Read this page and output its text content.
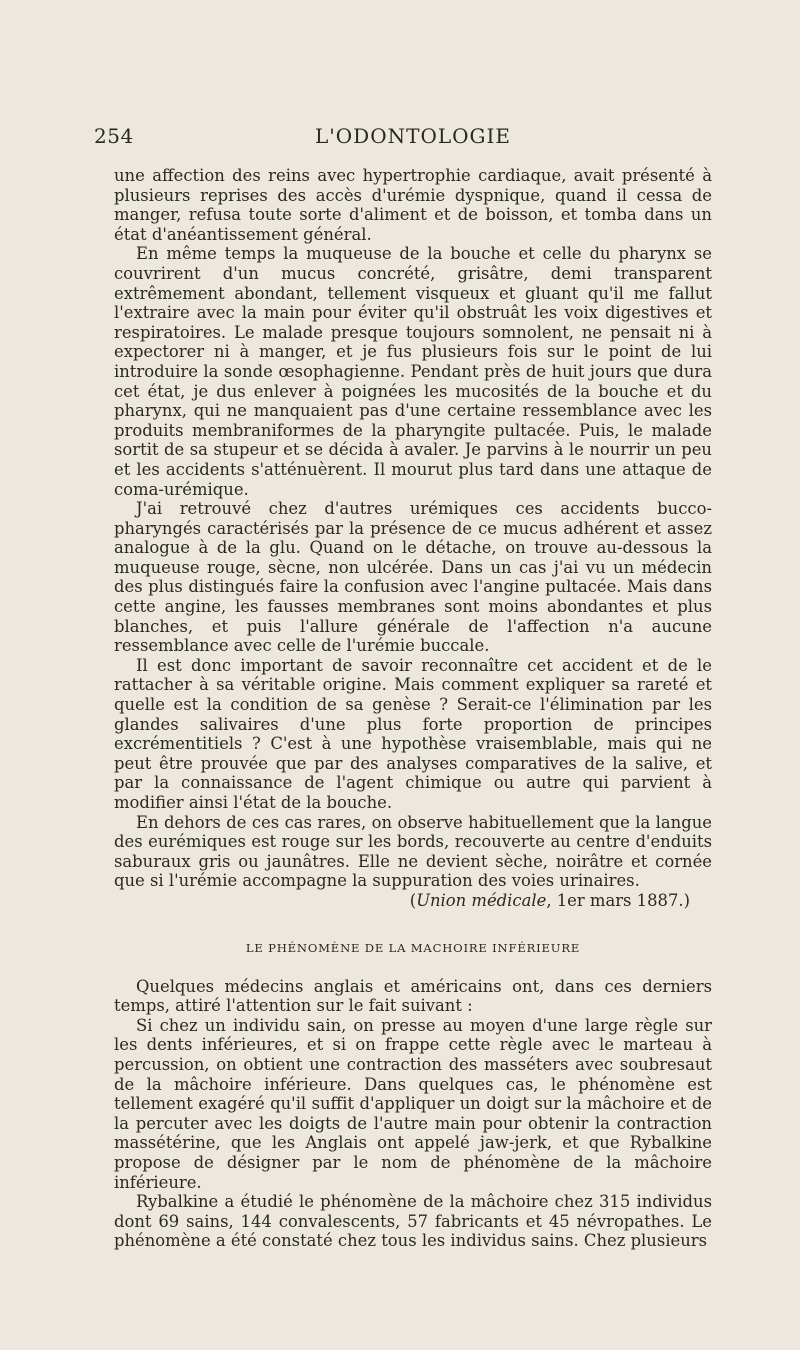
254	L'ODONTOLOGIE

une affection des reins avec hypertrophie cardiaque, avait présenté à plusieurs reprises des accès d'urémie dyspnique, quand il cessa de manger, refusa toute sorte d'aliment et de boisson, et tomba dans un état d'anéantissement général.

En même temps la muqueuse de la bouche et celle du pharynx se couvrirent d'un mucus concrété, grisâtre, demi transparent extrêmement abondant, tellement visqueux et gluant qu'il me fallut l'extraire avec la main pour éviter qu'il obstruât les voix digestives et respiratoires. Le malade presque toujours somnolent, ne pensait ni à expectorer ni à manger, et je fus plusieurs fois sur le point de lui introduire la sonde œsophagienne. Pendant près de huit jours que dura cet état, je dus enlever à poignées les mucosités de la bouche et du pharynx, qui ne manquaient pas d'une certaine ressemblance avec les produits membraniformes de la pharyngite pultacée. Puis, le malade sortit de sa stupeur et se décida à avaler. Je parvins à le nourrir un peu et les accidents s'atténuèrent. Il mourut plus tard dans une attaque de coma-urémique.

J'ai retrouvé chez d'autres urémiques ces accidents bucco-pharyngés caractérisés par la présence de ce mucus adhérent et assez analogue à de la glu. Quand on le détache, on trouve au-dessous la muqueuse rouge, sècne, non ulcérée. Dans un cas j'ai vu un médecin des plus distingués faire la confusion avec l'angine pultacée. Mais dans cette angine, les fausses membranes sont moins abondantes et plus blanches, et puis l'allure générale de l'affection n'a aucune ressemblance avec celle de l'urémie buccale.

Il est donc important de savoir reconnaître cet accident et de le rattacher à sa véritable origine. Mais comment expliquer sa rareté et quelle est la condition de sa genèse ? Serait-ce l'élimination par les glandes salivaires d'une plus forte proportion de principes excrémentitiels ? C'est à une hypothèse vraisemblable, mais qui ne peut être prouvée que par des analyses comparatives de la salive, et par la connaissance de l'agent chimique ou autre qui parvient à modifier ainsi l'état de la bouche.

En dehors de ces cas rares, on observe habituellement que la langue des eurémiques est rouge sur les bords, recouverte au centre d'enduits saburaux gris ou jaunâtres. Elle ne devient sèche, noirâtre et cornée que si l'urémie accompagne la suppuration des voies urinaires.

(Union médicale, 1er mars 1887.)

LE PHÉNOMÈNE DE LA MACHOIRE INFÉRIEURE

Quelques médecins anglais et américains ont, dans ces derniers temps, attiré l'attention sur le fait suivant :

Si chez un individu sain, on presse au moyen d'une large règle sur les dents inférieures, et si on frappe cette règle avec le marteau à percussion, on obtient une contraction des masséters avec soubresaut de la mâchoire inférieure. Dans quelques cas, le phénomène est tellement exagéré qu'il suffit d'appliquer un doigt sur la mâchoire et de la percuter avec les doigts de l'autre main pour obtenir la contraction massétérine, que les Anglais ont appelé jaw-jerk, et que Rybalkine propose de désigner par le nom de phénomène de la mâchoire inférieure.

Rybalkine a étudié le phénomène de la mâchoire chez 315 individus dont 69 sains, 144 convalescents, 57 fabricants et 45 névropathes. Le phénomène a été constaté chez tous les individus sains. Chez plusieurs
